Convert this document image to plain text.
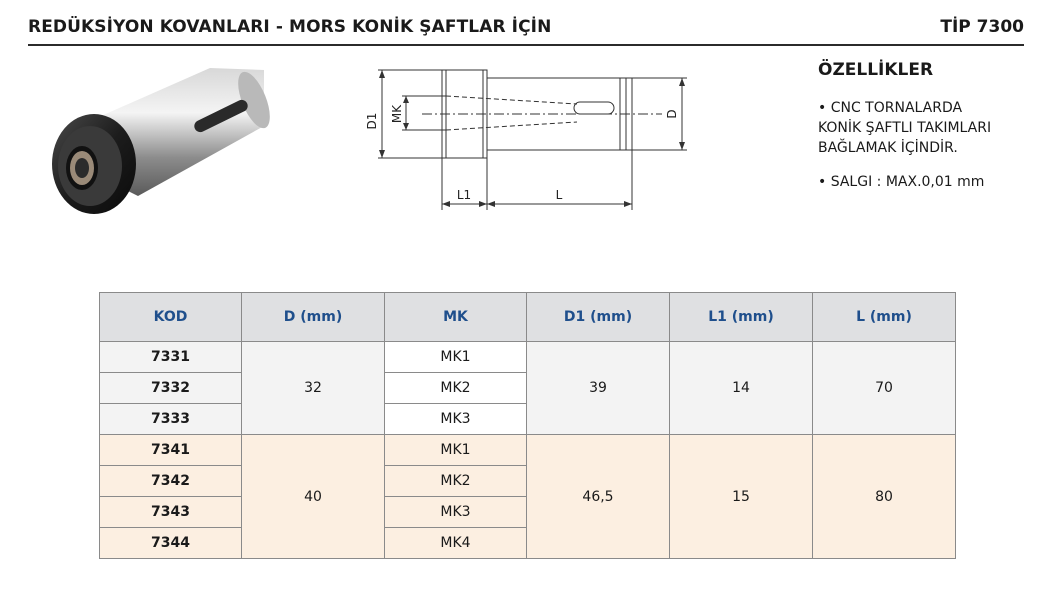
REDÜKSİYON KOVANLARI - MORS KONİK ŞAFTLAR İÇİN	TİP 7300
D1 MK	D
L1	L
ÖZELLİKLER
• CNC TORNALARDA
KONİK ŞAFTLI TAKIMLARI
BAĞLAMAK İÇİNDİR.
• SALGI : MAX.0,01 mm
KOD	D (mm)	MK	D1 (mm)	L1 (mm)	L (mm)
7331	32	MK1	39	14	70
7332		MK2			
7333		MK3			
7341	40	MK1	46,5	15	80
7342		MK2			
7343		MK3			
7344		MK4			
